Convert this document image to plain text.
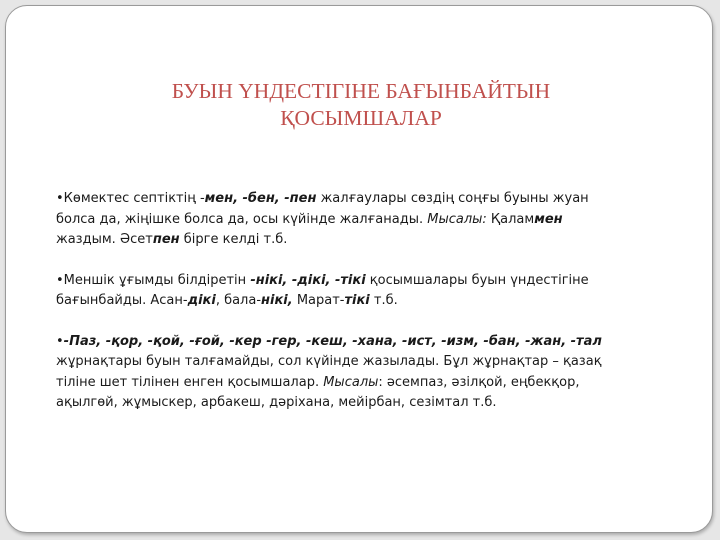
БУЫН ҮНДЕСТІГІНЕ БАҒЫНБАЙТЫН
ҚОСЫМШАЛАР
•Көмектес септіктің -мен, -бен, -пен жалғаулары сөздің соңғы буыны жуан
болса да, жіңішке болса да, осы күйінде жалғанады. Мысалы: Қаламмен
жаздым. Әсетпен бірге келді т.б.
•Меншік ұғымды білдіретін -нікі, -дікі, -тікі қосымшалары буын үндестігіне
бағынбайды. Асан-дікі, бала-нікі, Марат-тікі т.б.
•-Паз, -қор, -қой, -ғой, -кер -гер, -кеш, -хана, -ист, -изм, -бан, -жан, -тал
жұрнақтары буын талғамайды, сол күйінде жазылады. Бұл жұрнақтар – қазақ
тіліне шет тілінен енген қосымшалар. Мысалы: әсемпаз, әзілқой, еңбекқор,
ақылгөй, жұмыскер, арбакеш, дәріхана, мейірбан, сезімтал т.б.
